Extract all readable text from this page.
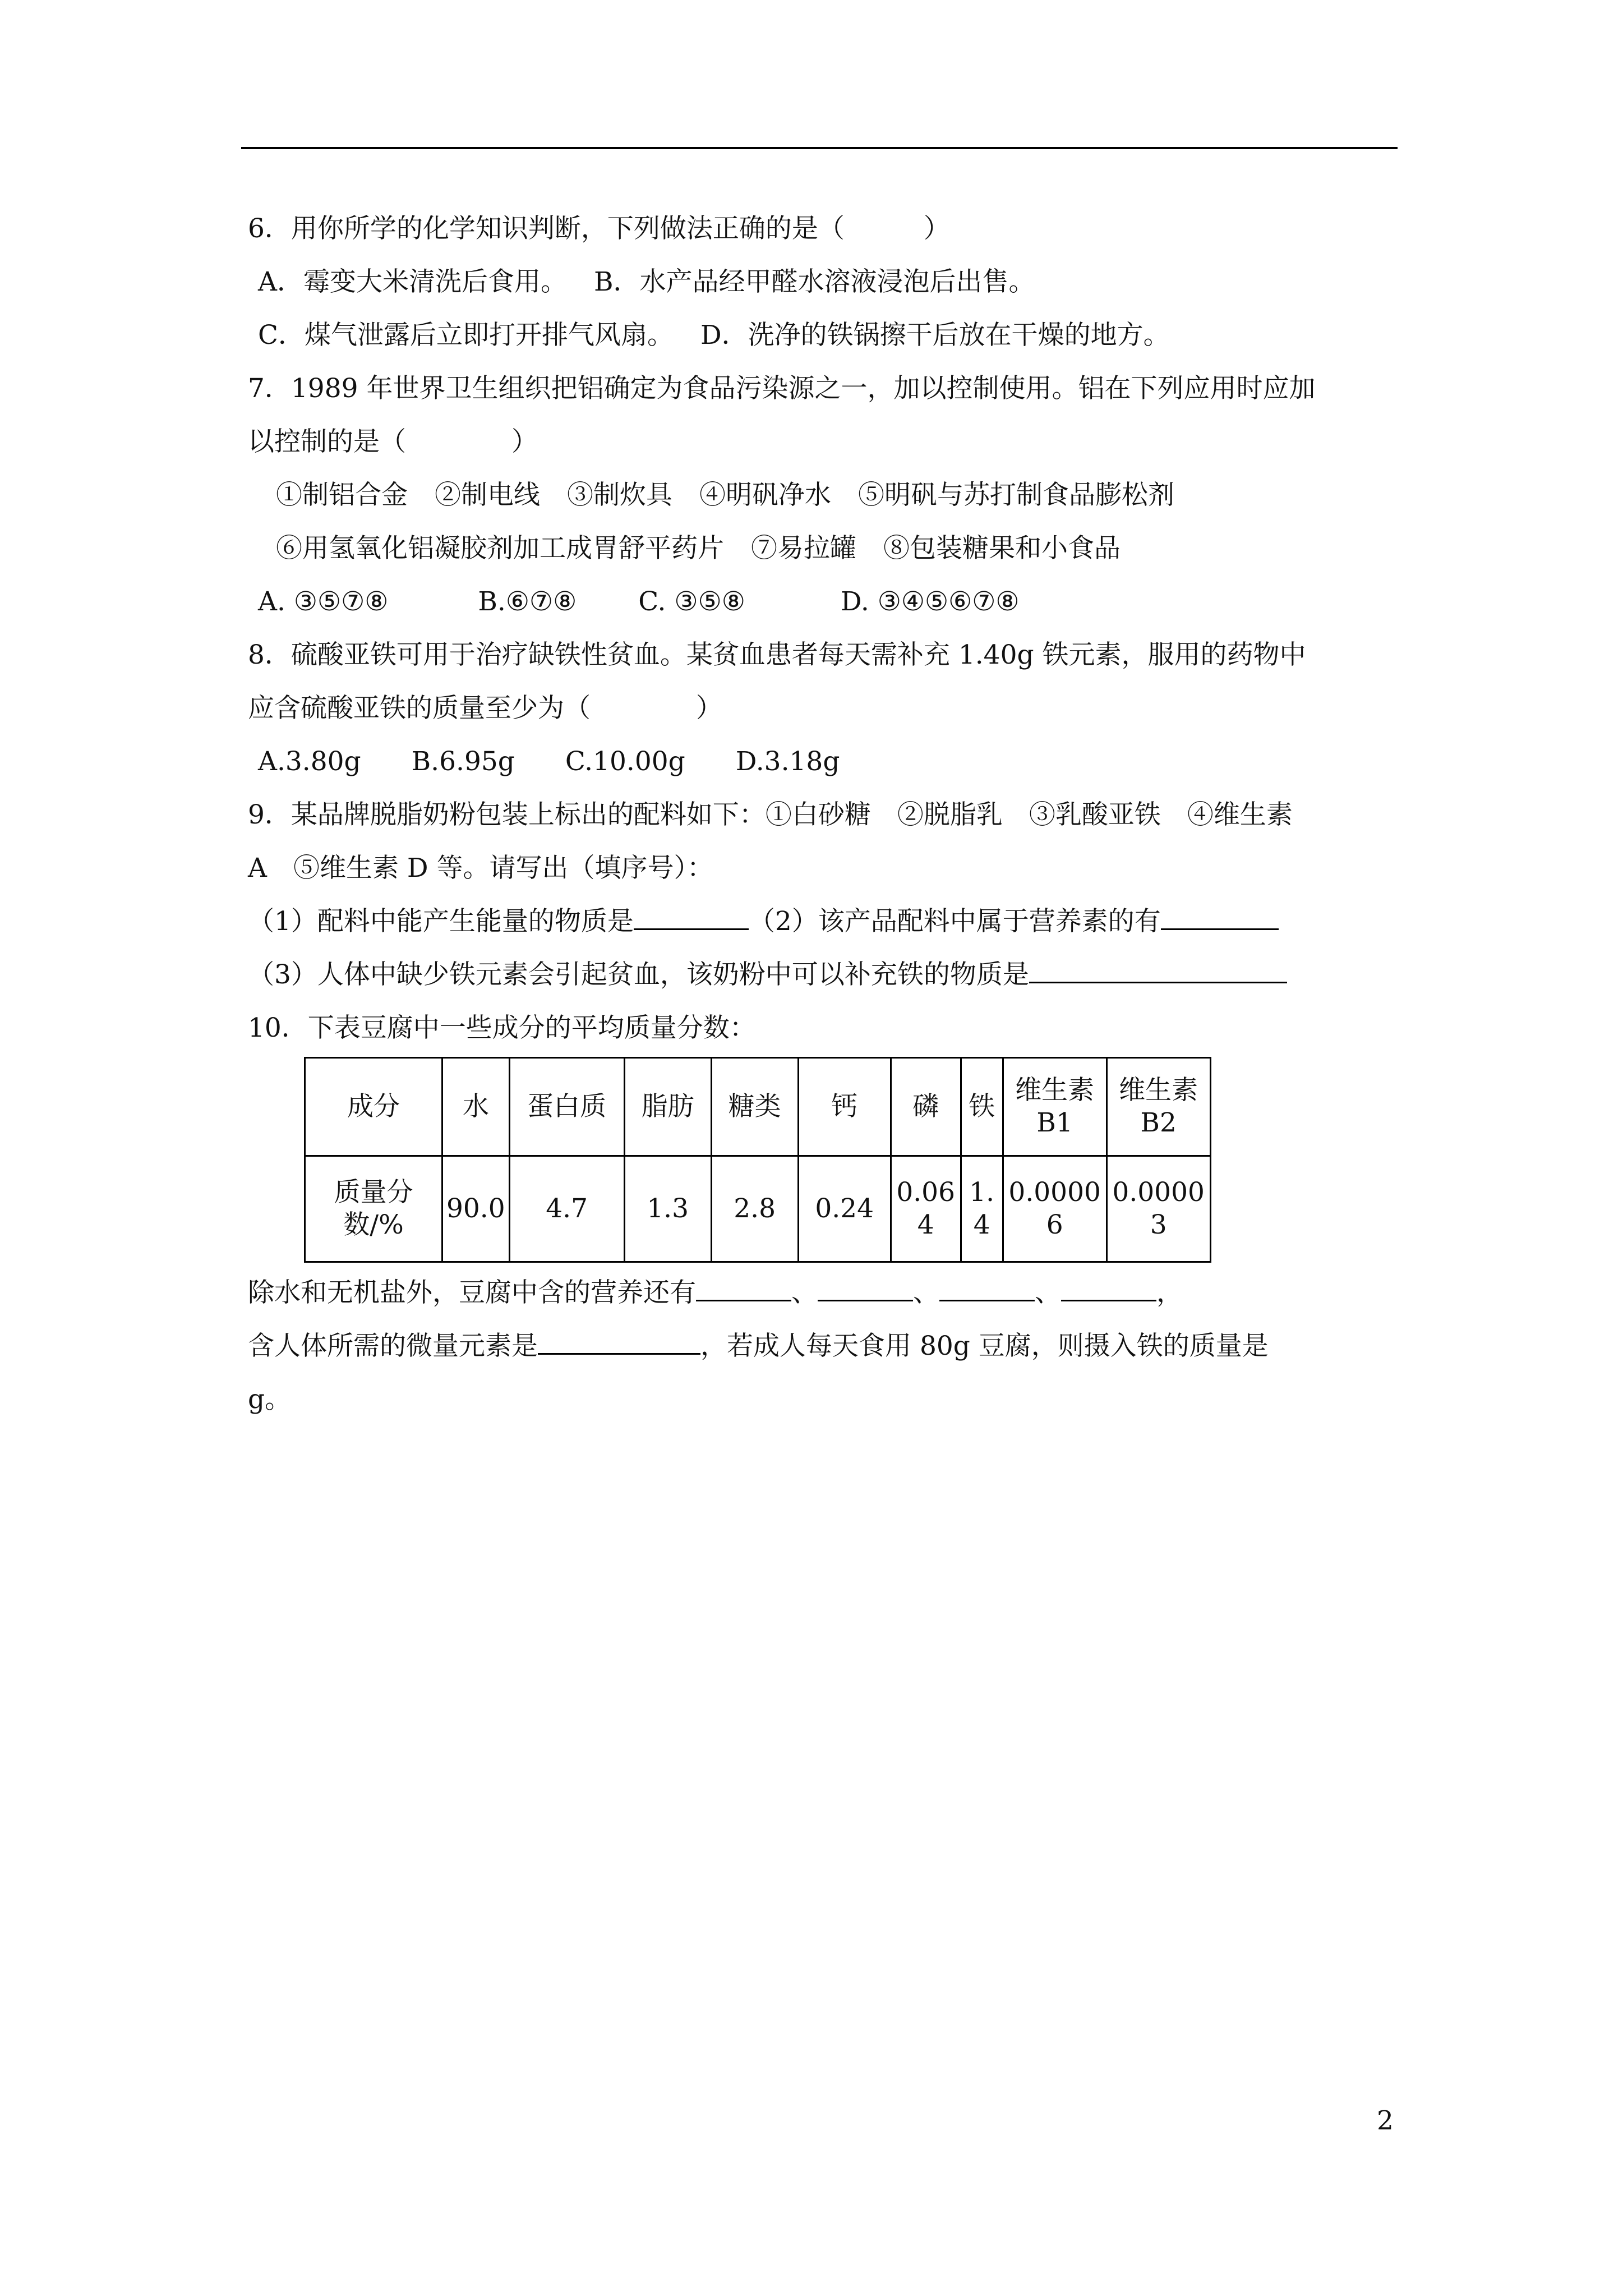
6．用你所学的化学知识判断，下列做法正确的是（　　　）
A．霉变大米清洗后食用。 B．水产品经甲醛水溶液浸泡后出售。
C．煤气泄露后立即打开排气风扇。 D．洗净的铁锅擦干后放在干燥的地方。
7．1989 年世界卫生组织把铝确定为食品污染源之一，加以控制使用。铝在下列应用时应加
以控制的是（　　　　）
①制铝合金 ②制电线 ③制炊具 ④明矾净水 ⑤明矾与苏打制食品膨松剂
⑥用氢氧化铝凝胶剂加工成胃舒平药片 ⑦易拉罐 ⑧包装糖果和小食品
A. ③⑤⑦⑧	B.⑥⑦⑧ C. ③⑤⑧	D. ③④⑤⑥⑦⑧
8．硫酸亚铁可用于治疗缺铁性贫血。某贫血患者每天需补充 1.40g 铁元素，服用的药物中
应含硫酸亚铁的质量至少为（　　　　）
A.3.80g B.6.95g C.10.00g D.3.18g
9．某品牌脱脂奶粉包装上标出的配料如下：①白砂糖　②脱脂乳　③乳酸亚铁　④维生素
A　⑤维生素 D 等。请写出（填序号）：
（1）配料中能产生能量的物质是	（2）该产品配料中属于营养素的有
（3）人体中缺少铁元素会引起贫血，该奶粉中可以补充铁的物质是
10．下表豆腐中一些成分的平均质量分数：
成分	水	蛋白质	脂肪	糖类	钙	磷	铁	维生素B1	维生素B2
质量分数/%	90.0	4.7	1.3	2.8	0.24	0.064	1.4	0.00006	0.00003
除水和无机盐外，豆腐中含的营养还有	、	、	、	，
含人体所需的微量元素是	，若成人每天食用 80g 豆腐，则摄入铁的质量是
g。
2
